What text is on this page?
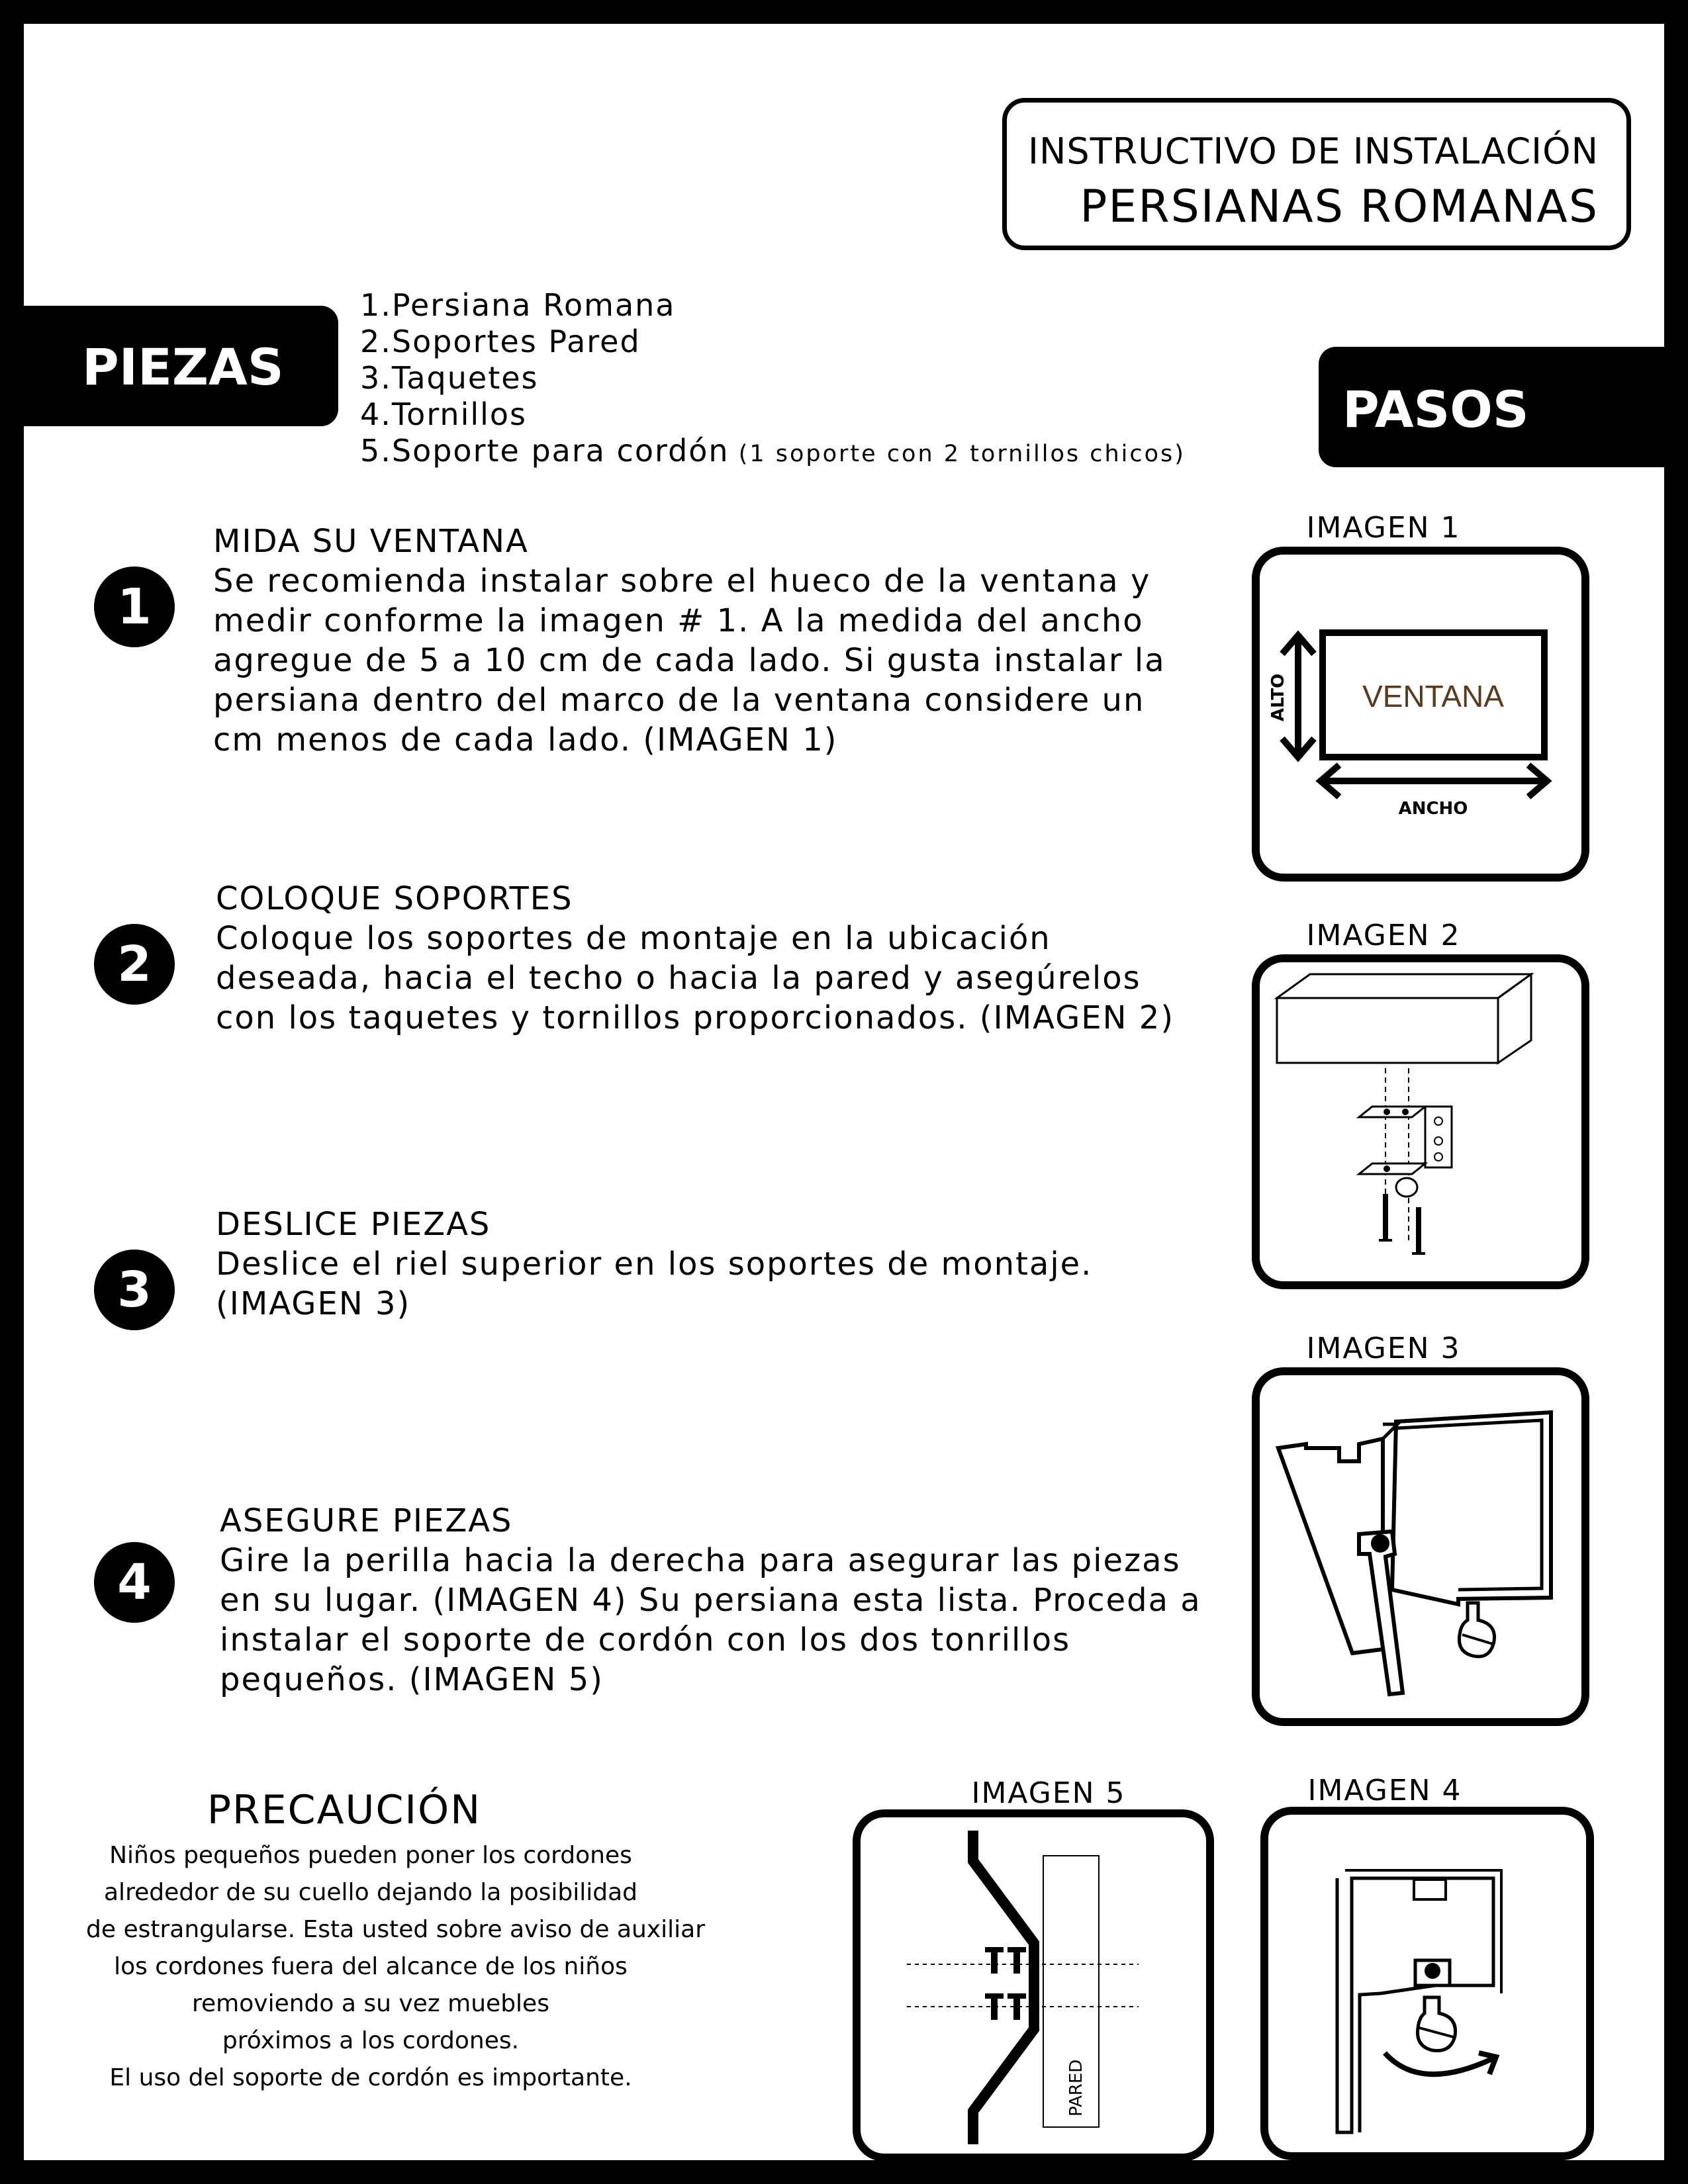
INSTRUCTIVO DE INSTALACIÓN
PERSIANAS ROMANAS
PIEZAS
1.Persiana Romana
2.Soportes Pared
3.Taquetes
4.Tornillos
5.Soporte para cordón (1 soporte con 2 tornillos chicos)
PASOS
1
MIDA SU VENTANA
Se recomienda instalar sobre el hueco de la ventana y
medir conforme la imagen # 1. A la medida del ancho
agregue de 5 a 10 cm de cada lado. Si gusta instalar la
persiana dentro del marco de la ventana considere un
cm menos de cada lado. (IMAGEN 1)
2
COLOQUE SOPORTES
Coloque los soportes de montaje en la ubicación
deseada, hacia el techo o hacia la pared y asegúrelos
con los taquetes y tornillos proporcionados. (IMAGEN 2)
3
DESLICE PIEZAS
Deslice el riel superior en los soportes de montaje.
(IMAGEN 3)
4
ASEGURE PIEZAS
Gire la perilla hacia la derecha para asegurar las piezas
en su lugar. (IMAGEN 4) Su persiana esta lista. Proceda a
instalar el soporte de cordón con los dos tonrillos
pequeños. (IMAGEN 5)
IMAGEN 1
VENTANA
ALTO
ANCHO
IMAGEN 2
IMAGEN 3
IMAGEN 5
PARED
IMAGEN 4
PRECAUCIÓN
Niños pequeños pueden poner los cordones
alrededor de su cuello dejando la posibilidad
de estrangularse. Esta usted sobre aviso de auxiliar
los cordones fuera del alcance de los niños
removiendo a su vez muebles
próximos a los cordones.
El uso del soporte de cordón es importante.
